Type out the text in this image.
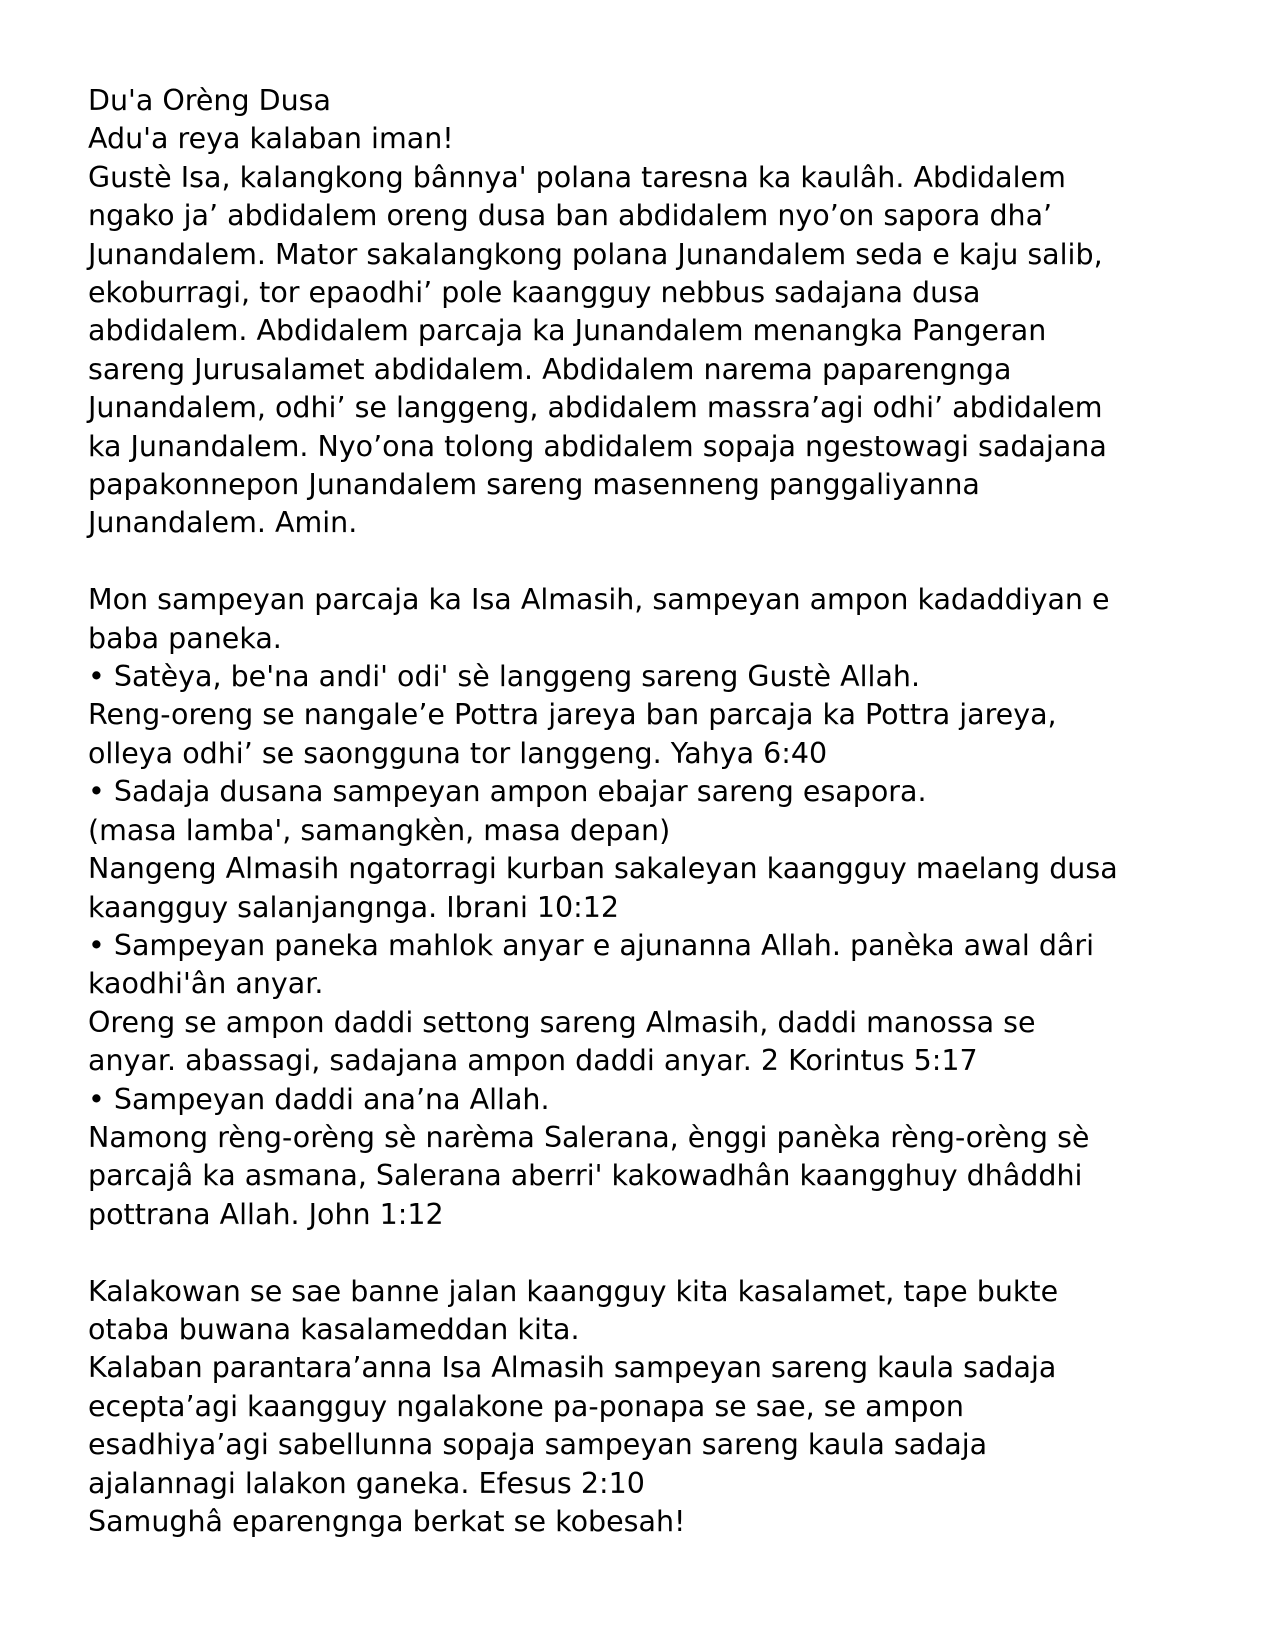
Du'a Orèng Dusa
Adu'a reya kalaban iman!
Gustè Isa, kalangkong bânnya' polana taresna ka kaulâh. Abdidalem
ngako ja’ abdidalem oreng dusa ban abdidalem nyo’on sapora dha’
Junandalem. Mator sakalangkong polana Junandalem seda e kaju salib,
ekoburragi, tor epaodhi’ pole kaangguy nebbus sadajana dusa
abdidalem. Abdidalem parcaja ka Junandalem menangka Pangeran
sareng Jurusalamet abdidalem. Abdidalem narema paparengnga
Junandalem, odhi’ se langgeng, abdidalem massra’agi odhi’ abdidalem
ka Junandalem. Nyo’ona tolong abdidalem sopaja ngestowagi sadajana
papakonnepon Junandalem sareng masenneng panggaliyanna
Junandalem. Amin.
Mon sampeyan parcaja ka Isa Almasih, sampeyan ampon kadaddiyan e
baba paneka.
• Satèya, be'na andi' odi' sè langgeng sareng Gustè Allah.
Reng-oreng se nangale’e Pottra jareya ban parcaja ka Pottra jareya,
olleya odhi’ se saongguna tor langgeng. Yahya 6:40
• Sadaja dusana sampeyan ampon ebajar sareng esapora.
(masa lamba', samangkèn, masa depan)
Nangeng Almasih ngatorragi kurban sakaleyan kaangguy maelang dusa
kaangguy salanjangnga. Ibrani 10:12
• Sampeyan paneka mahlok anyar e ajunanna Allah. panèka awal dâri
kaodhi'ân anyar.
Oreng se ampon daddi settong sareng Almasih, daddi manossa se
anyar. abassagi, sadajana ampon daddi anyar. 2 Korintus 5:17
• Sampeyan daddi ana’na Allah.
Namong rèng-orèng sè narèma Salerana, ènggi panèka rèng-orèng sè
parcajâ ka asmana, Salerana aberri' kakowadhân kaangghuy dhâddhi
pottrana Allah. John 1:12
Kalakowan se sae banne jalan kaangguy kita kasalamet, tape bukte
otaba buwana kasalameddan kita.
Kalaban parantara’anna Isa Almasih sampeyan sareng kaula sadaja
ecepta’agi kaangguy ngalakone pa-ponapa se sae, se ampon
esadhiya’agi sabellunna sopaja sampeyan sareng kaula sadaja
ajalannagi lalakon ganeka. Efesus 2:10
Samughâ eparengnga berkat se kobesah!
